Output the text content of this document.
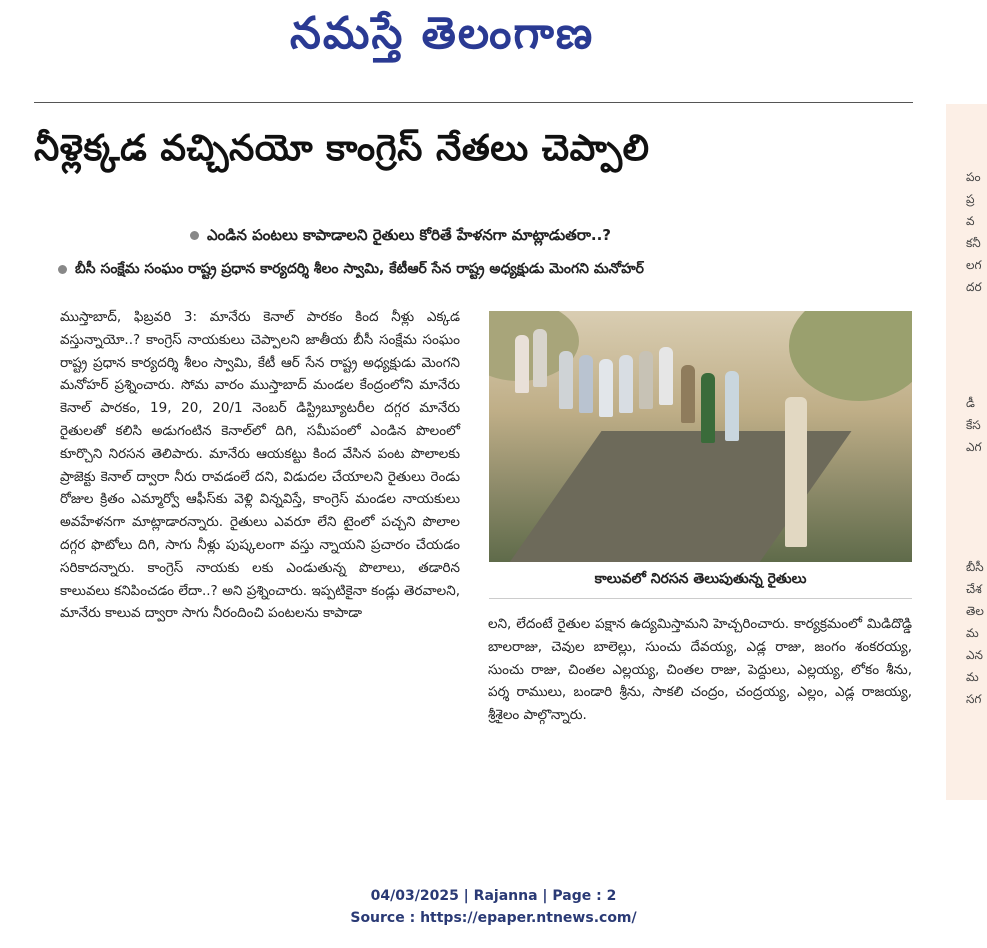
నమస్తే తెలంగాణ
పం
ప్ర
వ
కనీ
లగ
దర
డీ
కేస
ఎగ
బీసీ
చేశ
తెల
మ
ఎన
మ
సగ
నీళ్లెక్కడ వచ్చినయో కాంగ్రెస్ నేతలు చెప్పాలి
ఎండిన పంటలు కాపాడాలని రైతులు కోరితే హేళనగా మాట్లాడుతరా..?
బీసీ సంక్షేమ సంఘం రాష్ట్ర ప్రధాన కార్యదర్శి శీలం స్వామి, కేటీఆర్ సేన రాష్ట్ర అధ్యక్షుడు మెంగని మనోహర్
ముస్తాబాద్, ఫిబ్రవరి 3: మానేరు కెనాల్ పారకం కింద నీళ్లు ఎక్కడ వస్తున్నాయో..? కాంగ్రెస్ నాయకులు చెప్పాలని జాతీయ బీసీ సంక్షేమ సంఘం రాష్ట్ర ప్రధాన కార్యదర్శి శీలం స్వామి, కేటీ ఆర్ సేన రాష్ట్ర అధ్యక్షుడు మెంగని మనోహర్ ప్రశ్నించారు. సోమ వారం ముస్తాబాద్ మండల కేంద్రంలోని మానేరు కెనాల్ పారకం, 19, 20, 20/1 నెంబర్ డిస్ట్రిబ్యూటరీల దగ్గర మానేరు రైతులతో కలిసి అడుగంటిన కెనాల్‌లో దిగి, సమీపంలో ఎండిన పొలంలో కూర్చొని నిరసన తెలిపారు. మానేరు ఆయకట్టు కింద వేసిన పంట పొలాలకు ప్రాజెక్టు కెనాల్ ద్వారా నీరు రావడంలే దని, విడుదల చేయాలని రైతులు రెండు రోజుల క్రితం ఎమ్మార్వో ఆఫీస్‌కు వెళ్లి విన్నవిస్తే, కాంగ్రెస్ మండల నాయకులు అవహేళనగా మాట్లాడారన్నారు. రైతులు ఎవరూ లేని టైంలో పచ్చని పొలాల దగ్గర ఫొటోలు దిగి, సాగు నీళ్లు పుష్కలంగా వస్తు న్నాయని ప్రచారం చేయడం సరికాదన్నారు. కాంగ్రెస్ నాయకు లకు ఎండుతున్న పొలాలు, తడారిన కాలువలు కనిపించడం లేదా..? అని ప్రశ్నించారు. ఇప్పటికైనా కండ్లు తెరవాలని, మానేరు కాలువ ద్వారా సాగు నీరందించి పంటలను కాపాడా
కాలువలో నిరసన తెలుపుతున్న రైతులు
లని, లేదంటే రైతుల పక్షాన ఉద్యమిస్తామని హెచ్చరించారు. కార్యక్రమంలో మిడిదొడ్డి బాలరాజు, చెవుల బాలెల్లు, సుంచు దేవయ్య, ఎడ్ల రాజు, జంగం శంకరయ్య, సుంచు రాజు, చింతల ఎల్లయ్య, చింతల రాజు, పెద్దులు, ఎల్లయ్య, లోకం శీను, పర్శ రాములు, బండారి శ్రీను, సాకలి చంద్రం, చంద్రయ్య, ఎల్లం, ఎడ్ల రాజయ్య, శ్రీశైలం పాల్గొన్నారు.
04/03/2025 | Rajanna | Page : 2
Source : https://epaper.ntnews.com/
